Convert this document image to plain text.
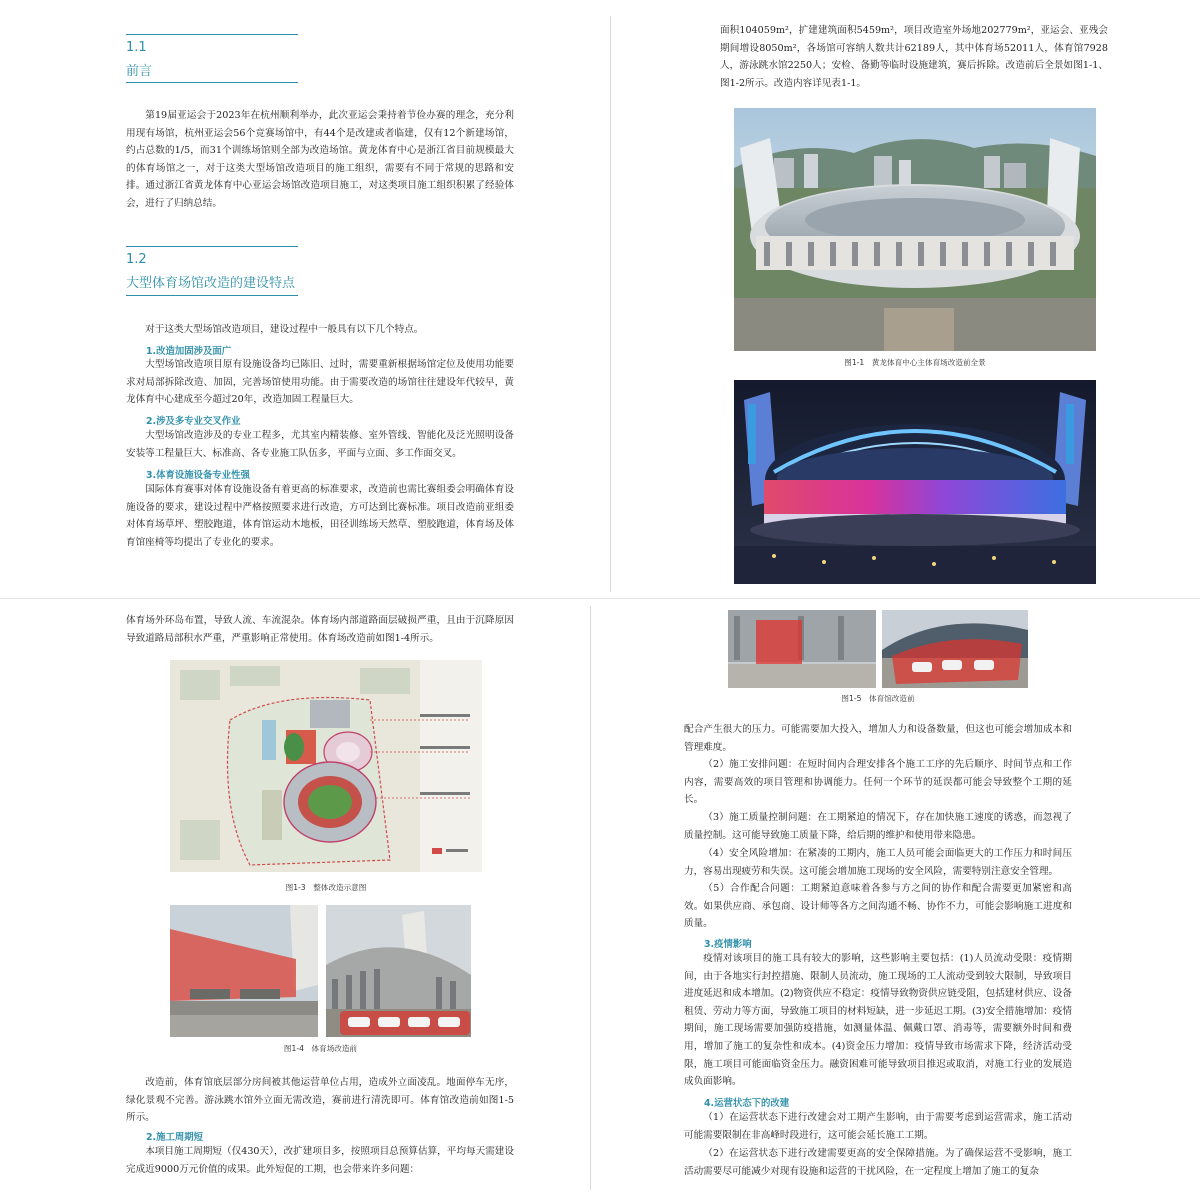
1.1
前言

第19届亚运会于2023年在杭州顺利举办，此次亚运会秉持着节俭办赛的理念，充分利用现有场馆，杭州亚运会56个竞赛场馆中，有44个是改建或者临建，仅有12个新建场馆，约占总数的1/5，而31个训练场馆则全部为改造场馆。黄龙体育中心是浙江省目前规模最大的体育场馆之一，对于这类大型场馆改造项目的施工组织，需要有不同于常规的思路和安排。通过浙江省黄龙体育中心亚运会场馆改造项目施工，对这类项目施工组织积累了经验体会，进行了归纳总结。

1.2
大型体育场馆改造的建设特点

对于这类大型场馆改造项目，建设过程中一般具有以下几个特点。

1.改造加固涉及面广

大型场馆改造项目原有设施设备均已陈旧、过时，需要重新根据场馆定位及使用功能要求对局部拆除改造、加固，完善场馆使用功能。由于需要改造的场馆往往建设年代较早，黄龙体育中心建成至今超过20年，改造加固工程量巨大。

2.涉及多专业交叉作业

大型场馆改造涉及的专业工程多，尤其室内精装修、室外管线、智能化及泛光照明设备安装等工程量巨大、标准高、各专业施工队伍多，平面与立面、多工作面交叉。

3.体育设施设备专业性强

国际体育赛事对体育设施设备有着更高的标准要求，改造前也需比赛组委会明确体育设施设备的要求，建设过程中严格按照要求进行改造，方可达到比赛标准。项目改造前亚组委对体育场草坪、塑胶跑道，体育馆运动木地板，田径训练场天然草、塑胶跑道，体育场及体育馆座椅等均提出了专业化的要求。

面积104059m²，扩建建筑面积5459m²，项目改造室外场地202779m²，亚运会、亚残会期间增设8050m²，各场馆可容纳人数共计62189人，其中体育场52011人，体育馆7928人，游泳跳水馆2250人；安检、备勤等临时设施建筑，赛后拆除。改造前后全景如图1-1、图1-2所示。改造内容详见表1-1。

图1-1　黄龙体育中心主体育场改造前全景

体育场外环岛布置，导致人流、车流混杂。体育场内部道路面层破损严重，且由于沉降原因导致道路局部积水严重，严重影响正常使用。体育场改造前如图1-4所示。

图1-3　整体改造示意图
图1-4　体育场改造前

改造前，体育馆底层部分房间被其他运营单位占用，造成外立面凌乱。地面停车无序，绿化景观不完善。游泳跳水馆外立面无需改造，赛前进行清洗即可。体育馆改造前如图1-5所示。

2.施工周期短

本项目施工周期短（仅430天），改扩建项目多，按照项目总预算估算，平均每天需建设完成近9000万元价值的成果。此外短促的工期，也会带来许多问题：

图1-5　体育馆改造前

配合产生很大的压力。可能需要加大投入，增加人力和设备数量，但这也可能会增加成本和管理难度。

（2）施工安排问题：在短时间内合理安排各个施工工序的先后顺序、时间节点和工作内容，需要高效的项目管理和协调能力。任何一个环节的延误都可能会导致整个工期的延长。

（3）施工质量控制问题：在工期紧迫的情况下，存在加快施工速度的诱惑，而忽视了质量控制。这可能导致施工质量下降，给后期的维护和使用带来隐患。

（4）安全风险增加：在紧凑的工期内，施工人员可能会面临更大的工作压力和时间压力，容易出现疲劳和失误。这可能会增加施工现场的安全风险，需要特别注意安全管理。

（5）合作配合问题：工期紧迫意味着各参与方之间的协作和配合需要更加紧密和高效。如果供应商、承包商、设计师等各方之间沟通不畅、协作不力，可能会影响施工进度和质量。

3.疫情影响

疫情对该项目的施工具有较大的影响，这些影响主要包括：(1)人员流动受限：疫情期间，由于各地实行封控措施、限制人员流动，施工现场的工人流动受到较大限制，导致项目进度延迟和成本增加。(2)物资供应不稳定：疫情导致物资供应链受阻，包括建材供应、设备租赁、劳动力等方面，导致施工项目的材料短缺，进一步延迟工期。(3)安全措施增加：疫情期间，施工现场需要加强防疫措施，如测量体温、佩戴口罩、消毒等，需要额外时间和费用，增加了施工的复杂性和成本。(4)资金压力增加：疫情导致市场需求下降，经济活动受限，施工项目可能面临资金压力。融资困难可能导致项目推迟或取消，对施工行业的发展造成负面影响。

4.运营状态下的改建

（1）在运营状态下进行改建会对工期产生影响，由于需要考虑到运营需求，施工活动可能需要限制在非高峰时段进行，这可能会延长施工工期。

（2）在运营状态下进行改建需要更高的安全保障措施。为了确保运营不受影响，施工活动需要尽可能减少对现有设施和运营的干扰风险，在一定程度上增加了施工的复杂
